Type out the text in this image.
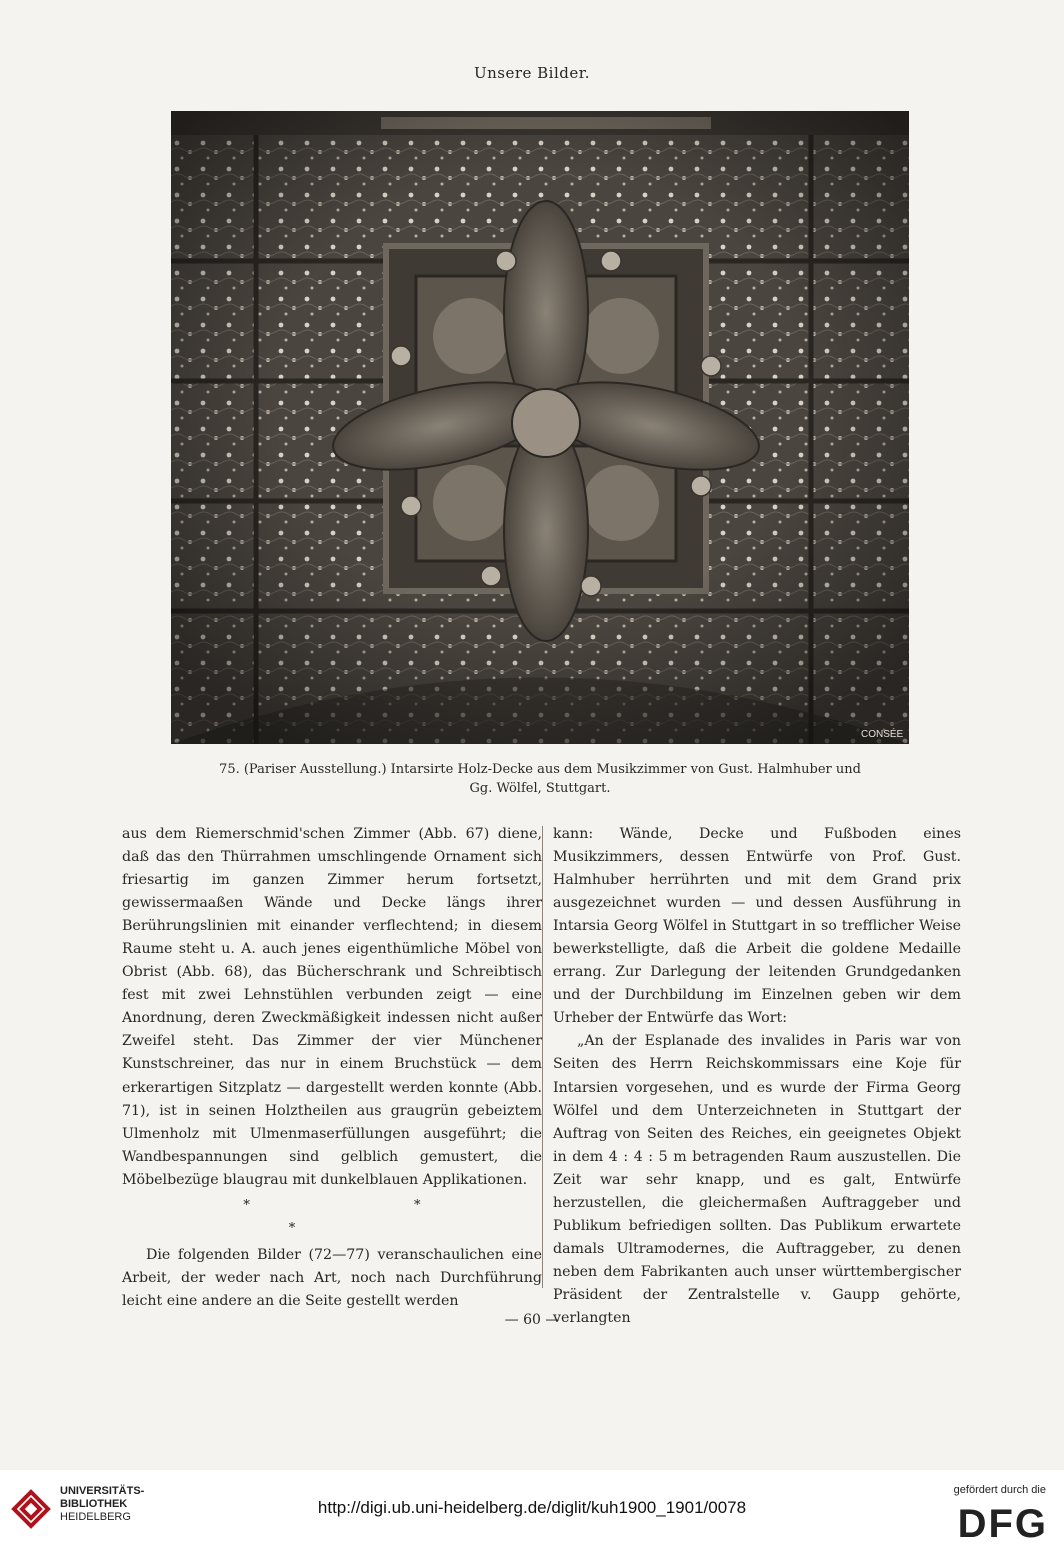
Unsere Bilder.
CONSÉE
75. (Pariser Ausstellung.) Intarsirte Holz-Decke aus dem Musikzimmer von Gust. Halmhuber und
Gg. Wölfel, Stuttgart.

aus dem Riemerschmid'schen Zimmer (Abb. 67) diene, daß das den Thürrahmen umschlingende Ornament sich friesartig im ganzen Zimmer herum fortsetzt, gewissermaaßen Wände und Decke längs ihrer Berührungslinien mit einander verflechtend; in diesem Raume steht u. A. auch jenes eigenthümliche Möbel von Obrist (Abb. 68), das Bücherschrank und Schreibtisch fest mit zwei Lehnstühlen verbunden zeigt — eine Anordnung, deren Zweckmäßigkeit indessen nicht außer Zweifel steht. Das Zimmer der vier Münchener Kunstschreiner, das nur in einem Bruchstück — dem erkerartigen Sitzplatz — dargestellt werden konnte (Abb. 71), ist in seinen Holztheilen aus graugrün gebeiztem Ulmenholz mit Ulmenmaserfüllungen ausgeführt; die Wandbespannungen sind gelblich gemustert, die Möbelbezüge blaugrau mit dunkelblauen Applikationen.

* * *

Die folgenden Bilder (72—77) veranschaulichen eine Arbeit, der weder nach Art, noch nach Durchführung leicht eine andere an die Seite gestellt werden

kann: Wände, Decke und Fußboden eines Musikzimmers, dessen Entwürfe von Prof. Gust. Halmhuber herrührten und mit dem Grand prix ausgezeichnet wurden — und dessen Ausführung in Intarsia Georg Wölfel in Stuttgart in so trefflicher Weise bewerkstelligte, daß die Arbeit die goldene Medaille errang. Zur Darlegung der leitenden Grundgedanken und der Durchbildung im Einzelnen geben wir dem Urheber der Entwürfe das Wort:

„An der Esplanade des invalides in Paris war von Seiten des Herrn Reichskommissars eine Koje für Intarsien vorgesehen, und es wurde der Firma Georg Wölfel und dem Unterzeichneten in Stuttgart der Auftrag von Seiten des Reiches, ein geeignetes Objekt in dem 4 : 4 : 5 m betragenden Raum auszustellen. Die Zeit war sehr knapp, und es galt, Entwürfe herzustellen, die gleichermaßen Auftraggeber und Publikum befriedigen sollten. Das Publikum erwartete damals Ultramodernes, die Auftraggeber, zu denen neben dem Fabrikanten auch unser württembergischer Präsident der Zentralstelle v. Gaupp gehörte, verlangten

— 60 —
UNIVERSITÄTS-
BIBLIOTHEK
HEIDELBERG	http://digi.ub.uni-heidelberg.de/diglit/kuh1900_1901/0078
gefördert durch die
DFG
